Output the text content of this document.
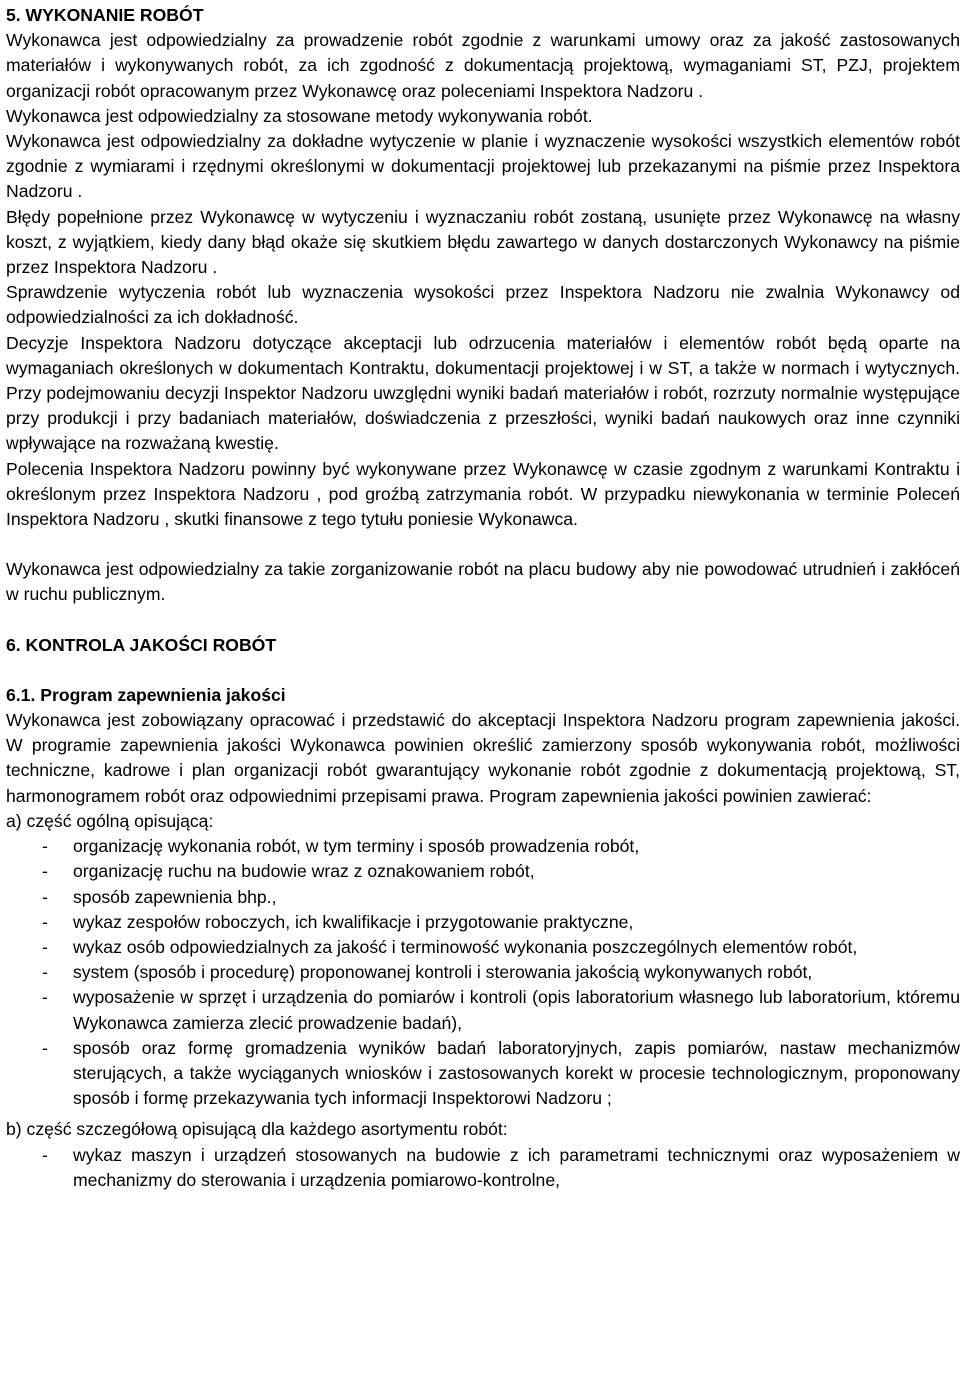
5. WYKONANIE ROBÓT

Wykonawca jest odpowiedzialny za prowadzenie robót zgodnie z warunkami umowy oraz za jakość zastosowanych materiałów i wykonywanych robót, za ich zgodność z dokumentacją projektową, wymaganiami ST, PZJ, projektem organizacji robót opracowanym przez Wykonawcę oraz poleceniami Inspektora Nadzoru .

Wykonawca jest odpowiedzialny za stosowane metody wykonywania robót.

Wykonawca jest odpowiedzialny za dokładne wytyczenie w planie i wyznaczenie wysokości wszystkich elementów robót zgodnie z wymiarami i rzędnymi określonymi w dokumentacji projektowej lub przekazanymi na piśmie przez Inspektora Nadzoru .

Błędy popełnione przez Wykonawcę w wytyczeniu i wyznaczaniu robót zostaną, usunięte przez Wykonawcę na własny koszt, z wyjątkiem, kiedy dany błąd okaże się skutkiem błędu zawartego w danych dostarczonych Wykonawcy na piśmie przez Inspektora Nadzoru .

Sprawdzenie wytyczenia robót lub wyznaczenia wysokości przez Inspektora Nadzoru nie zwalnia Wykonawcy od odpowiedzialności za ich dokładność.

Decyzje Inspektora Nadzoru dotyczące akceptacji lub odrzucenia materiałów i elementów robót będą oparte na wymaganiach określonych w dokumentach Kontraktu, dokumentacji projektowej i w ST, a także w normach i wytycznych. Przy podejmowaniu decyzji Inspektor Nadzoru uwzględni wyniki badań materiałów i robót, rozrzuty normalnie występujące przy produkcji i przy badaniach materiałów, doświadczenia z przeszłości, wyniki badań naukowych oraz inne czynniki wpływające na rozważaną kwestię.

Polecenia Inspektora Nadzoru powinny być wykonywane przez Wykonawcę w czasie zgodnym z warunkami Kontraktu i określonym przez Inspektora Nadzoru , pod groźbą zatrzymania robót. W przypadku niewykonania w terminie Poleceń Inspektora Nadzoru , skutki finansowe z tego tytułu poniesie Wykonawca.

Wykonawca jest odpowiedzialny za takie zorganizowanie robót na placu budowy aby nie powodować utrudnień i zakłóceń w ruchu publicznym.

6. KONTROLA JAKOŚCI ROBÓT
6.1. Program zapewnienia jakości

Wykonawca jest zobowiązany opracować i przedstawić do akceptacji Inspektora Nadzoru program zapewnienia jakości. W programie zapewnienia jakości Wykonawca powinien określić zamierzony sposób wykonywania robót, możliwości techniczne, kadrowe i plan organizacji robót gwarantujący wykonanie robót zgodnie z dokumentacją projektową, ST, harmonogramem robót oraz odpowiednimi przepisami prawa. Program zapewnienia jakości powinien zawierać:

a) część ogólną opisującą:

- organizację wykonania robót, w tym terminy i sposób prowadzenia robót,
- organizację ruchu na budowie wraz z oznakowaniem robót,
- sposób zapewnienia bhp.,
- wykaz zespołów roboczych, ich kwalifikacje i przygotowanie praktyczne,
- wykaz osób odpowiedzialnych za jakość i terminowość wykonania poszczególnych elementów robót,
- system (sposób i procedurę) proponowanej kontroli i sterowania jakością wykonywanych robót,
- wyposażenie w sprzęt i urządzenia do pomiarów i kontroli (opis laboratorium własnego lub laboratorium, któremu Wykonawca zamierza zlecić prowadzenie badań),
- sposób oraz formę gromadzenia wyników badań laboratoryjnych, zapis pomiarów, nastaw mechanizmów sterujących, a także wyciąganych wniosków i zastosowanych korekt w procesie technologicznym, proponowany sposób i formę przekazywania tych informacji Inspektorowi Nadzoru ;

b) część szczegółową opisującą dla każdego asortymentu robót:

- wykaz maszyn i urządzeń stosowanych na budowie z ich parametrami technicznymi oraz wyposażeniem w mechanizmy do sterowania i urządzenia pomiarowo-kontrolne,
